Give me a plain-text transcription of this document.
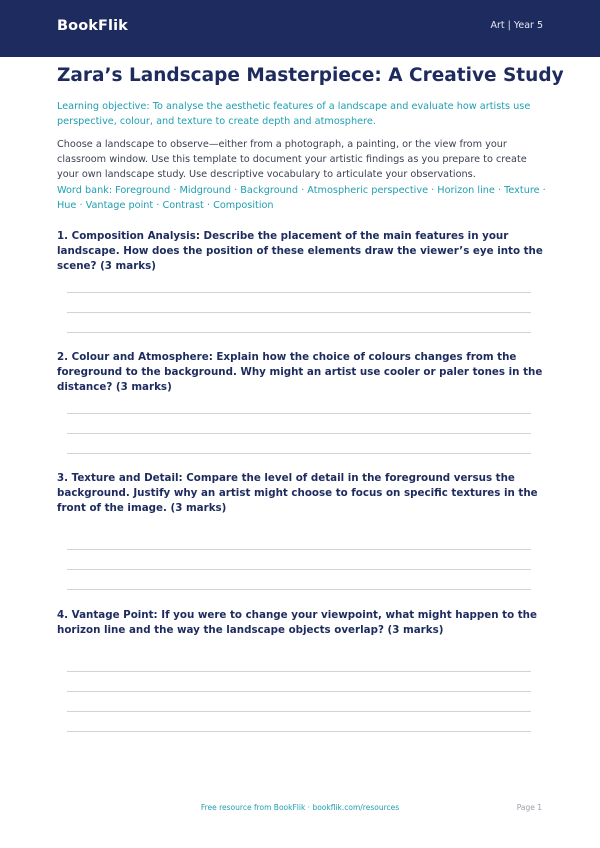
BookFlik	Art | Year 5
Zara’s Landscape Masterpiece: A Creative Study
Learning objective: To analyse the aesthetic features of a landscape and evaluate how artists use perspective, colour, and texture to create depth and atmosphere.
Choose a landscape to observe—either from a photograph, a painting, or the view from your classroom window. Use this template to document your artistic findings as you prepare to create your own landscape study. Use descriptive vocabulary to articulate your observations.
Word bank: Foreground · Midground · Background · Atmospheric perspective · Horizon line · Texture · Hue · Vantage point · Contrast · Composition
1. Composition Analysis: Describe the placement of the main features in your landscape. How does the position of these elements draw the viewer’s eye into the scene? (3 marks)
2. Colour and Atmosphere: Explain how the choice of colours changes from the foreground to the background. Why might an artist use cooler or paler tones in the distance? (3 marks)
3. Texture and Detail: Compare the level of detail in the foreground versus the background. Justify why an artist might choose to focus on specific textures in the front of the image. (3 marks)
4. Vantage Point: If you were to change your viewpoint, what might happen to the horizon line and the way the landscape objects overlap? (3 marks)
Free resource from BookFlik · bookflik.com/resources	Page 1
